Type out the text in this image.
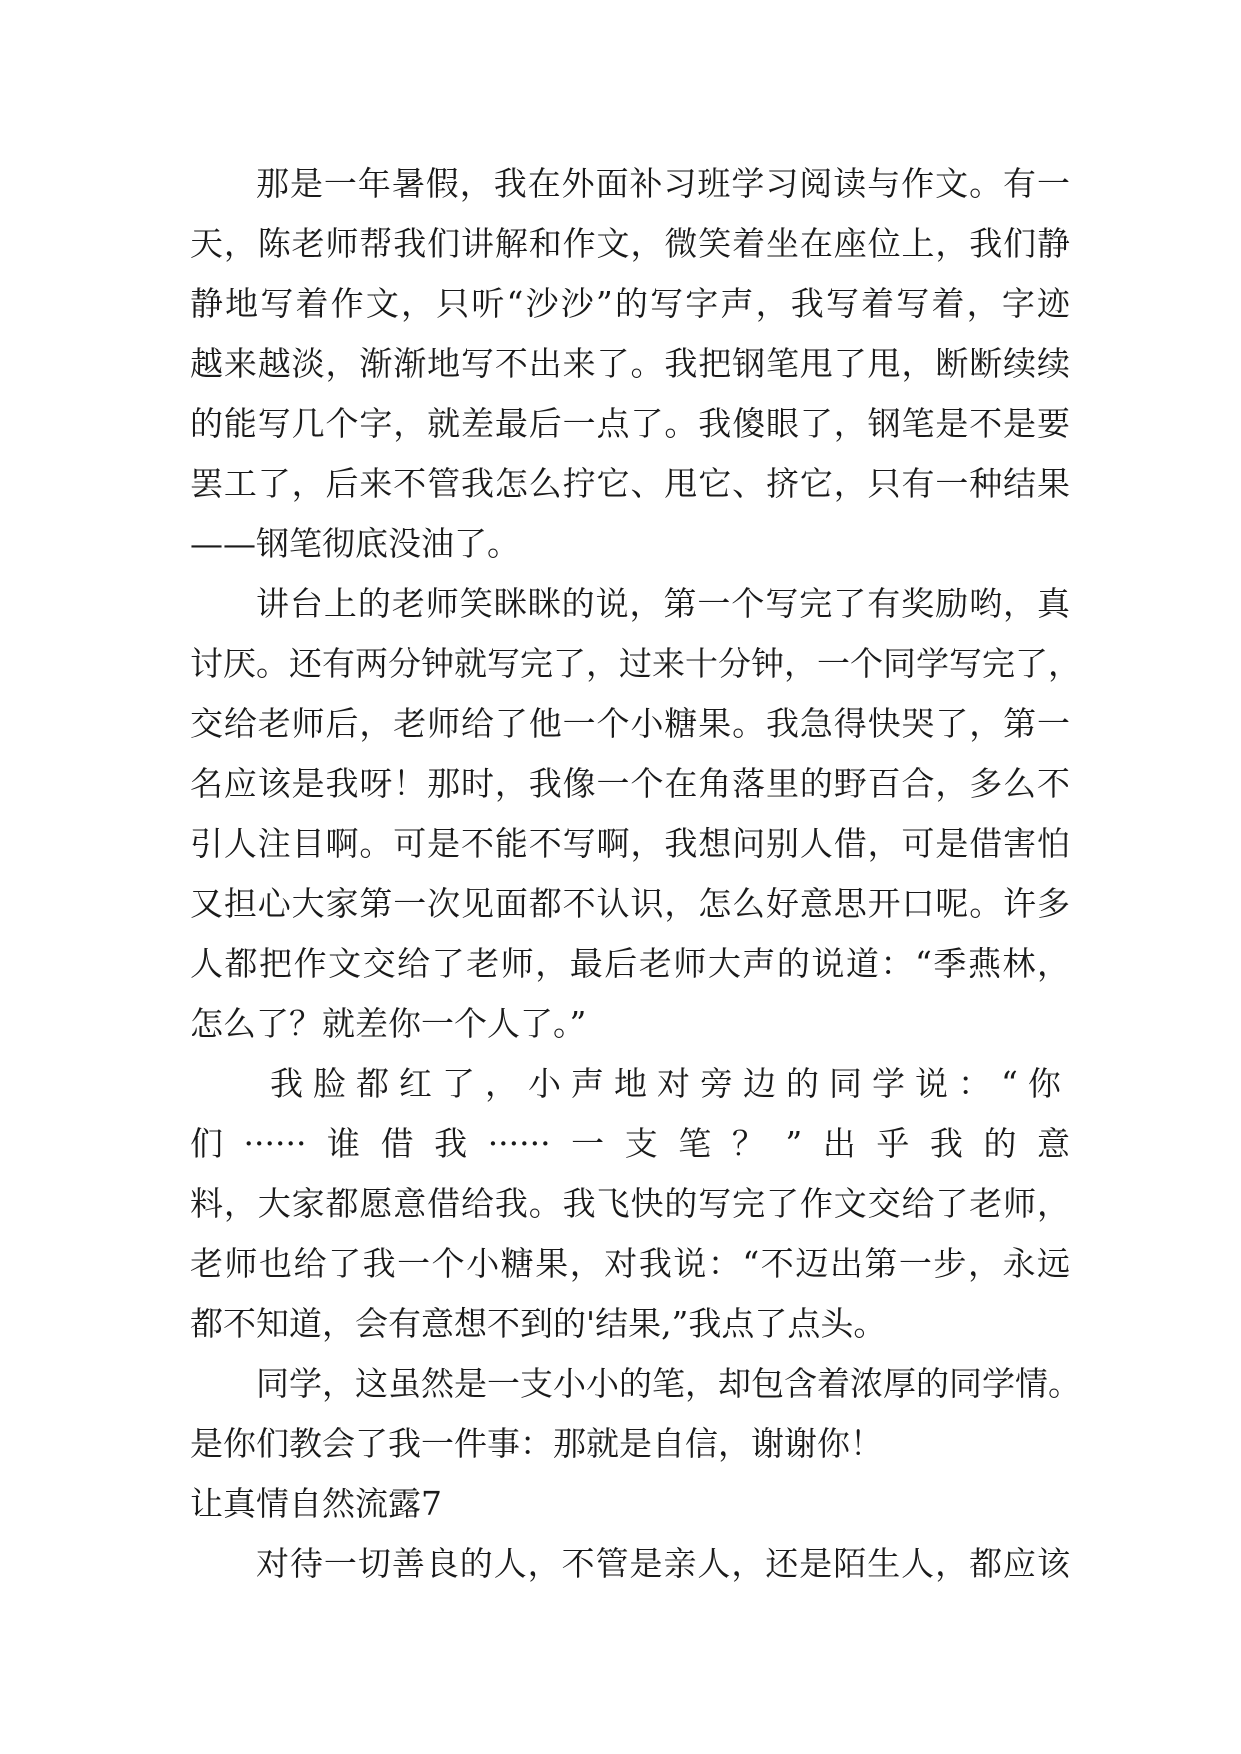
那是一年暑假，我在外面补习班学习阅读与作文。有一
天，陈老师帮我们讲解和作文，微笑着坐在座位上，我们静
静地写着作文，只听“沙沙”的写字声，我写着写着，字迹
越来越淡，渐渐地写不出来了。我把钢笔甩了甩，断断续续
的能写几个字，就差最后一点了。我傻眼了，钢笔是不是要
罢工了，后来不管我怎么拧它、甩它、挤它，只有一种结果
——钢笔彻底没油了。
讲台上的老师笑眯眯的说，第一个写完了有奖励哟，真
讨厌。还有两分钟就写完了，过来十分钟，一个同学写完了，
交给老师后，老师给了他一个小糖果。我急得快哭了，第一
名应该是我呀！那时，我像一个在角落里的野百合，多么不
引人注目啊。可是不能不写啊，我想问别人借，可是借害怕
又担心大家第一次见面都不认识，怎么好意思开口呢。许多
人都把作文交给了老师，最后老师大声的说道：“季燕林，
怎么了？就差你一个人了。”
我脸都红了，小声地对旁边的同学说：“你
们······谁借我······一支笔？”出乎我的意
料，大家都愿意借给我。我飞快的写完了作文交给了老师，
老师也给了我一个小糖果，对我说：“不迈出第一步，永远
都不知道，会有意想不到的'结果,”我点了点头。
同学，这虽然是一支小小的笔，却包含着浓厚的同学情。
是你们教会了我一件事：那就是自信，谢谢你！
让真情自然流露7
对待一切善良的人，不管是亲人，还是陌生人，都应该
